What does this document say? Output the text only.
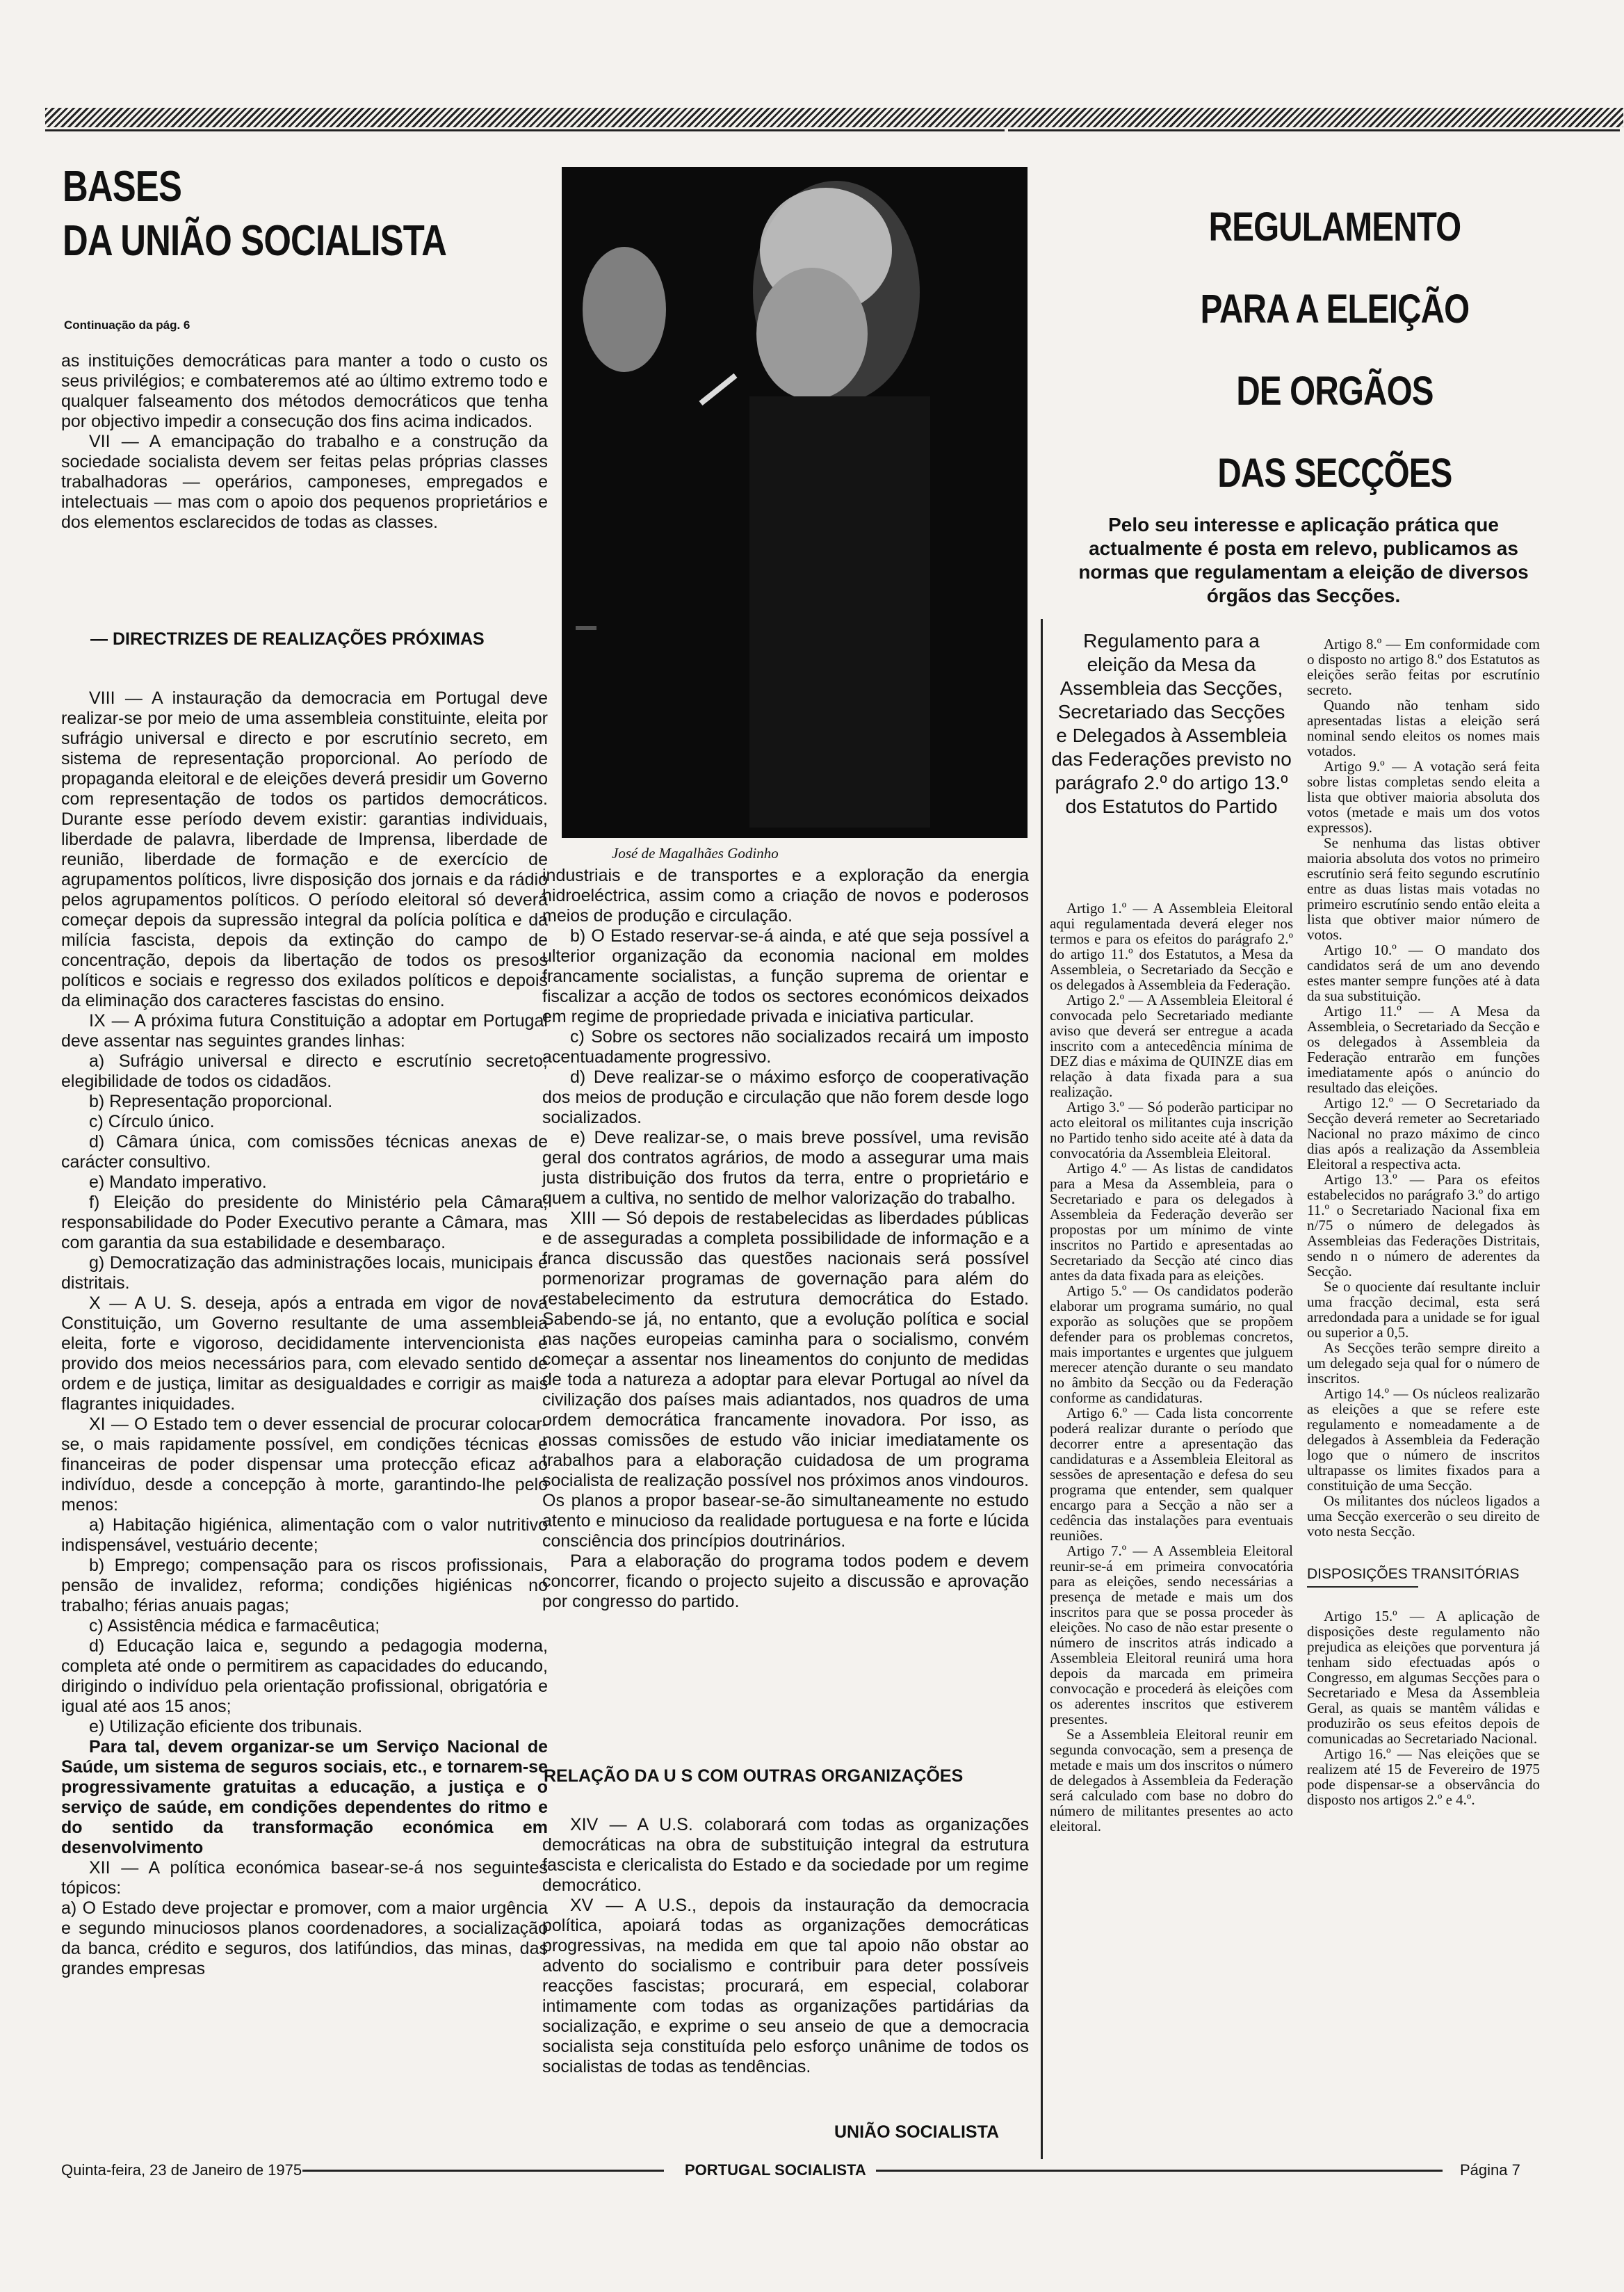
BASES
DA UNIÃO SOCIALISTA
Continuação da pág. 6

as instituições democráticas para manter a todo o custo os seus privilégios; e combateremos até ao último extremo todo e qualquer falseamento dos métodos democráticos que tenha por objectivo impedir a consecução dos fins acima indicados.

VII — A emancipação do trabalho e a construção da sociedade socialista devem ser feitas pelas próprias classes trabalhadoras — operários, camponeses, empregados e intelectuais — mas com o apoio dos pequenos proprietários e dos elementos esclarecidos de todas as classes.

— DIRECTRIZES DE REALIZAÇÕES PRÓXIMAS

VIII — A instauração da democracia em Portugal deve realizar-se por meio de uma assembleia constituinte, eleita por sufrágio universal e directo e por escrutínio secreto, em sistema de representação proporcional. Ao período de propaganda eleitoral e de eleições deverá presidir um Governo com representação de todos os partidos democráticos. Durante esse período devem existir: garantias individuais, liberdade de palavra, liberdade de Imprensa, liberdade de reunião, liberdade de formação e de exercício de agrupamentos políticos, livre disposição dos jornais e da rádio pelos agrupamentos políticos. O período eleitoral só deverá começar depois da supressão integral da polícia política e da milícia fascista, depois da extinção do campo de concentração, depois da libertação de todos os presos políticos e sociais e regresso dos exilados políticos e depois da eliminação dos caracteres fascistas do ensino.

IX — A próxima futura Constituição a adoptar em Portugal deve assentar nas seguintes grandes linhas:

a) Sufrágio universal e directo e escrutínio secreto; elegibilidade de todos os cidadãos.

b) Representação proporcional.

c) Círculo único.

d) Câmara única, com comissões técnicas anexas de carácter consultivo.

e) Mandato imperativo.

f) Eleição do presidente do Ministério pela Câmara; responsabilidade do Poder Executivo perante a Câmara, mas com garantia da sua estabilidade e desembaraço.

g) Democratização das administrações locais, municipais e distritais.

X — A U. S. deseja, após a entrada em vigor de nova Constituição, um Governo resultante de uma assembleia eleita, forte e vigoroso, decididamente intervencionista e provido dos meios necessários para, com elevado sentido de ordem e de justiça, limitar as desigualdades e corrigir as mais flagrantes iniquidades.

XI — O Estado tem o dever essencial de procurar colocar-se, o mais rapidamente possível, em condições técnicas e financeiras de poder dispensar uma protecção eficaz ao indivíduo, desde a concepção à morte, garantindo-lhe pelo menos:

a) Habitação higiénica, alimentação com o valor nutritivo indispensável, vestuário decente;

b) Emprego; compensação para os riscos profissionais, pensão de invalidez, reforma; condições higiénicas no trabalho; férias anuais pagas;

c) Assistência médica e farmacêutica;

d) Educação laica e, segundo a pedagogia moderna, completa até onde o permitirem as capacidades do educando, dirigindo o indivíduo pela orientação profissional, obrigatória e igual até aos 15 anos;

e) Utilização eficiente dos tribunais.

Para tal, devem organizar-se um Serviço Nacional de Saúde, um sistema de seguros sociais, etc., e tornarem-se progressivamente gratuitas a educação, a justiça e o serviço de saúde, em condições dependentes do ritmo e do sentido da transformação económica em desenvolvimento

XII — A política económica basear-se-á nos seguintes tópicos:

a) O Estado deve projectar e promover, com a maior urgência e segundo minuciosos planos coordenadores, a socialização da banca, crédito e seguros, dos latifúndios, das minas, das grandes empresas

José de Magalhães Godinho

industriais e de transportes e a exploração da energia hidroeléctrica, assim como a criação de novos e poderosos meios de produção e circulação.

b) O Estado reservar-se-á ainda, e até que seja possível a ulterior organização da economia nacional em moldes francamente socialistas, a função suprema de orientar e fiscalizar a acção de todos os sectores económicos deixados em regime de propriedade privada e iniciativa particular.

c) Sobre os sectores não socializados recairá um imposto acentuadamente progressivo.

d) Deve realizar-se o máximo esforço de cooperativação dos meios de produção e circulação que não forem desde logo socializados.

e) Deve realizar-se, o mais breve possível, uma revisão geral dos contratos agrários, de modo a assegurar uma mais justa distribuição dos frutos da terra, entre o proprietário e quem a cultiva, no sentido de melhor valorização do trabalho.

XIII — Só depois de restabelecidas as liberdades públicas e de asseguradas a completa possibilidade de informação e a franca discussão das questões nacionais será possível pormenorizar programas de governação para além do restabelecimento da estrutura democrática do Estado. Sabendo-se já, no entanto, que a evolução política e social nas nações europeias caminha para o socialismo, convém começar a assentar nos lineamentos do conjunto de medidas de toda a natureza a adoptar para elevar Portugal ao nível da civilização dos países mais adiantados, nos quadros de uma ordem democrática francamente inovadora. Por isso, as nossas comissões de estudo vão iniciar imediatamente os trabalhos para a elaboração cuidadosa de um programa socialista de realização possível nos próximos anos vindouros. Os planos a propor basear-se-ão simultaneamente no estudo atento e minucioso da realidade portuguesa e na forte e lúcida consciência dos princípios doutrinários.

Para a elaboração do programa todos podem e devem concorrer, ficando o projecto sujeito a discussão e aprovação por congresso do partido.

RELAÇÃO DA U S COM OUTRAS ORGANIZAÇÕES

XIV — A U.S. colaborará com todas as organizações democráticas na obra de substituição integral da estrutura fascista e clericalista do Estado e da sociedade por um regime democrático.

XV — A U.S., depois da instauração da democracia política, apoiará todas as organizações democráticas progressivas, na medida em que tal apoio não obstar ao advento do socialismo e contribuir para deter possíveis reacções fascistas; procurará, em especial, colaborar intimamente com todas as organizações partidárias da socialização, e exprime o seu anseio de que a democracia socialista seja constituída pelo esforço unânime de todos os socialistas de todas as tendências.

UNIÃO SOCIALISTA
REGULAMENTO
PARA A ELEIÇÃO
DE ORGÃOS
DAS SECÇÕES
Pelo seu interesse e aplicação prática que actualmente é posta em relevo, publicamos as normas que regulamentam a eleição de diversos órgãos das Secções.
Regulamento para a eleição da Mesa da Assembleia das Secções, Secretariado das Secções e Delegados à Assembleia das Federações previsto no parágrafo 2.º do artigo 13.º dos Estatutos do Partido

Artigo 1.º — A Assembleia Eleitoral aqui regulamentada deverá eleger nos termos e para os efeitos do parágrafo 2.º do artigo 11.º dos Estatutos, a Mesa da Assembleia, o Secretariado da Secção e os delegados à Assembleia da Federação.

Artigo 2.º — A Assembleia Eleitoral é convocada pelo Secretariado mediante aviso que deverá ser entregue a acada inscrito com a antecedência mínima de DEZ dias e máxima de QUINZE dias em relação à data fixada para a sua realização.

Artigo 3.º — Só poderão participar no acto eleitoral os militantes cuja inscrição no Partido tenho sido aceite até à data da convocatória da Assembleia Eleitoral.

Artigo 4.º — As listas de candidatos para a Mesa da Assembleia, para o Secretariado e para os delegados à Assembleia da Federação deverão ser propostas por um mínimo de vinte inscritos no Partido e apresentadas ao Secretariado da Secção até cinco dias antes da data fixada para as eleições.

Artigo 5.º — Os candidatos poderão elaborar um programa sumário, no qual exporão as soluções que se propõem defender para os problemas concretos, mais importantes e urgentes que julguem merecer atenção durante o seu mandato no âmbito da Secção ou da Federação conforme as candidaturas.

Artigo 6.º — Cada lista concorrente poderá realizar durante o período que decorrer entre a apresentação das candidaturas e a Assembleia Eleitoral as sessões de apresentação e defesa do seu programa que entender, sem qualquer encargo para a Secção a não ser a cedência das instalações para eventuais reuniões.

Artigo 7.º — A Assembleia Eleitoral reunir-se-á em primeira convocatória para as eleições, sendo necessárias a presença de metade e mais um dos inscritos para que se possa proceder às eleições. No caso de não estar presente o número de inscritos atrás indicado a Assembleia Eleitoral reunirá uma hora depois da marcada em primeira convocação e procederá às eleições com os aderentes inscritos que estiverem presentes.

Se a Assembleia Eleitoral reunir em segunda convocação, sem a presença de metade e mais um dos inscritos o número de delegados à Assembleia da Federação será calculado com base no dobro do número de militantes presentes ao acto eleitoral.

Artigo 8.º — Em conformidade com o disposto no artigo 8.º dos Estatutos as eleições serão feitas por escrutínio secreto.

Quando não tenham sido apresentadas listas a eleição será nominal sendo eleitos os nomes mais votados.

Artigo 9.º — A votação será feita sobre listas completas sendo eleita a lista que obtiver maioria absoluta dos votos (metade e mais um dos votos expressos).

Se nenhuma das listas obtiver maioria absoluta dos votos no primeiro escrutínio será feito segundo escrutínio entre as duas listas mais votadas no primeiro escrutínio sendo então eleita a lista que obtiver maior número de votos.

Artigo 10.º — O mandato dos candidatos será de um ano devendo estes manter sempre funções até à data da sua substituição.

Artigo 11.º — A Mesa da Assembleia, o Secretariado da Secção e os delegados à Assembleia da Federação entrarão em funções imediatamente após o anúncio do resultado das eleições.

Artigo 12.º — O Secretariado da Secção deverá remeter ao Secretariado Nacional no prazo máximo de cinco dias após a realização da Assembleia Eleitoral a respectiva acta.

Artigo 13.º — Para os efeitos estabelecidos no parágrafo 3.º do artigo 11.º o Secretariado Nacional fixa em n/75 o número de delegados às Assembleias das Federações Distritais, sendo n o número de aderentes da Secção.

Se o quociente daí resultante incluir uma fracção decimal, esta será arredondada para a unidade se for igual ou superior a 0,5.

As Secções terão sempre direito a um delegado seja qual for o número de inscritos.

Artigo 14.º — Os núcleos realizarão as eleições a que se refere este regulamento e nomeadamente a de delegados à Assembleia da Federação logo que o número de inscritos ultrapasse os limites fixados para a constituição de uma Secção.

Os militantes dos núcleos ligados a uma Secção exercerão o seu direito de voto nesta Secção.

DISPOSIÇÕES TRANSITÓRIAS

Artigo 15.º — A aplicação de disposições deste regulamento não prejudica as eleições que porventura já tenham sido efectuadas após o Congresso, em algumas Secções para o Secretariado e Mesa da Assembleia Geral, as quais se mantêm válidas e produzirão os seus efeitos depois de comunicadas ao Secretariado Nacional.

Artigo 16.º — Nas eleições que se realizem até 15 de Fevereiro de 1975 pode dispensar-se a observância do disposto nos artigos 2.º e 4.º.

Quinta-feira, 23 de Janeiro de 1975	PORTUGAL SOCIALISTA	Página 7
